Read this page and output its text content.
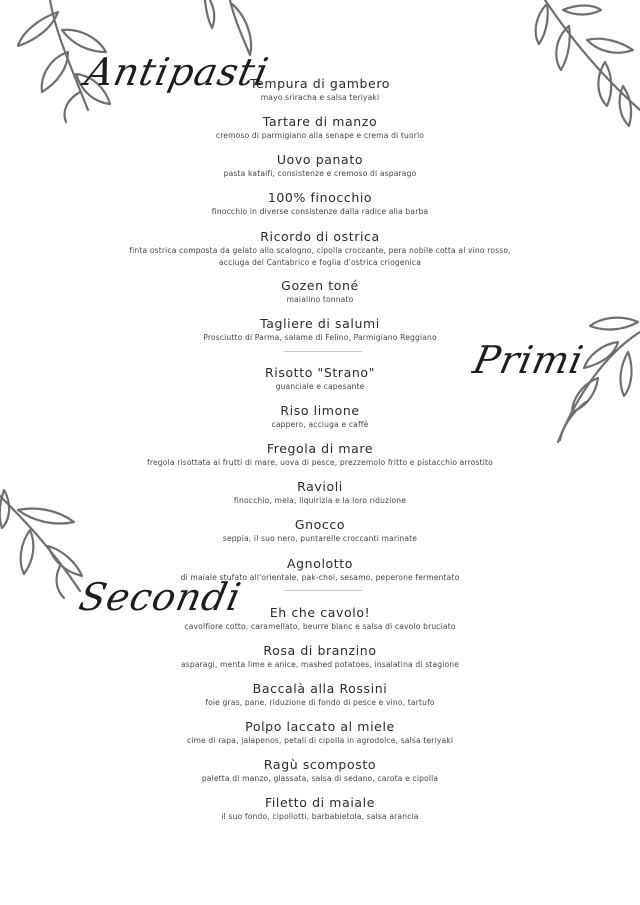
Antipasti
Primi
Secondi
Tempura di gambero
mayo sriracha e salsa teriyaki
Tartare di manzo
cremoso di parmigiano alla senape e crema di tuorlo
Uovo panato
pasta kataifi, consistenze e cremoso di asparago
100% finocchio
finocchio in diverse consistenze dalla radice alla barba
Ricordo di ostrica
finta ostrica composta da gelato allo scalogno, cipolla croccante, pera nobile cotta al vino rosso,
acciuga del Cantabrico e foglia d'ostrica criogenica
Gozen toné
maialino tonnato
Tagliere di salumi
Prosciutto di Parma, salame di Felino, Parmigiano Reggiano
Risotto "Strano"
guanciale e capesante
Riso limone
cappero, acciuga e caffè
Fregola di mare
fregola risottata ai frutti di mare, uova di pesce, prezzemolo fritto e pistacchio arrostito
Ravioli
finocchio, mela, liquirizia e la loro riduzione
Gnocco
seppia, il suo nero, puntarelle croccanti marinate
Agnolotto
di maiale stufato all'orientale, pak-choi, sesamo, peperone fermentato
Eh che cavolo!
cavolfiore cotto, caramellato, beurre blanc e salsa di cavolo bruciato
Rosa di branzino
asparagi, menta lime e anice, mashed potatoes, insalatina di stagione
Baccalà alla Rossini
foie gras, pane, riduzione di fondo di pesce e vino, tartufo
Polpo laccato al miele
cime di rapa, jalapenos, petali di cipolla in agrodolce, salsa teriyaki
Ragù scomposto
paletta di manzo, glassata, salsa di sedano, carota e cipolla
Filetto di maiale
il suo fondo, cipollotti, barbabietola, salsa arancia
